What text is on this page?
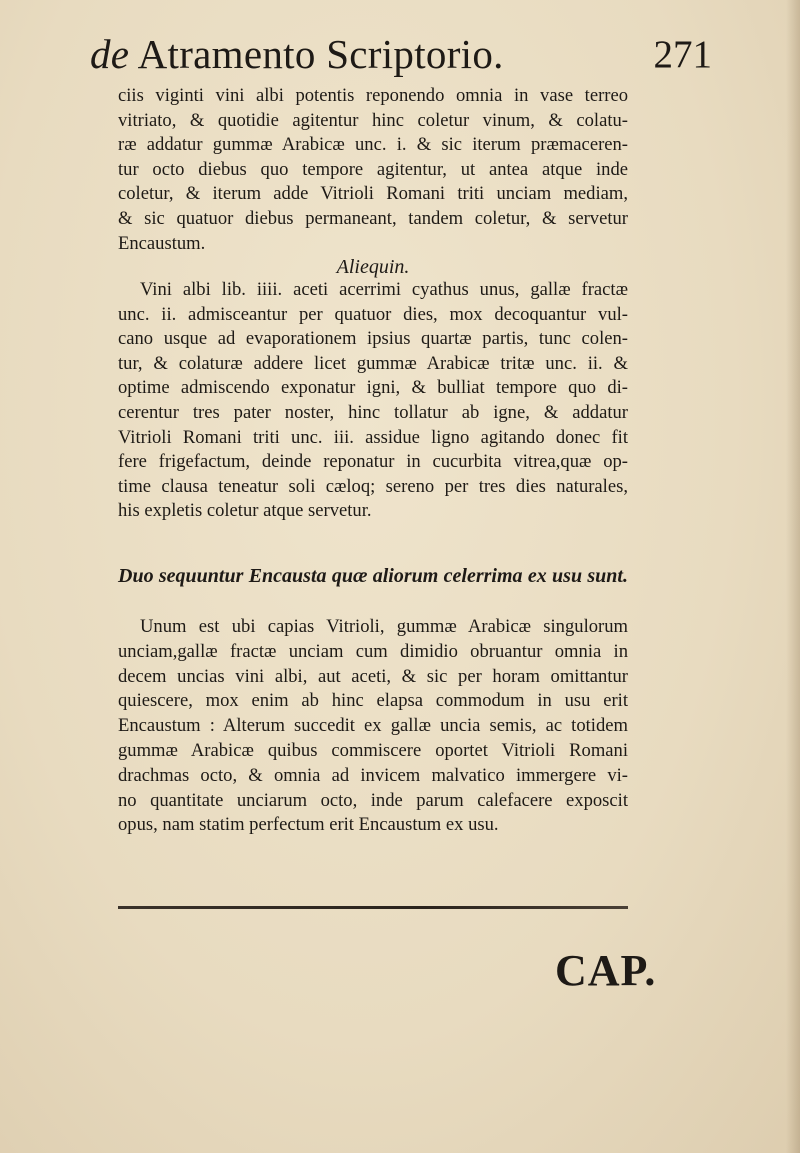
de Atramento Scriptorio.	271
ciis viginti vini albi potentis reponendo omnia in vase terreo
vitriato, & quotidie agitentur hinc coletur vinum, & colatu-
ræ addatur gummæ Arabicæ unc. i. & sic iterum præmaceren-
tur octo diebus quo tempore agitentur, ut antea atque inde
coletur, & iterum adde Vitrioli Romani triti unciam mediam,
& sic quatuor diebus permaneant, tandem coletur, & servetur
Encaustum.
Aliequin.
Vini albi lib. iiii. aceti acerrimi cyathus unus, gallæ fractæ
unc. ii. admisceantur per quatuor dies, mox decoquantur vul-
cano usque ad evaporationem ipsius quartæ partis, tunc colen-
tur, & colaturæ addere licet gummæ Arabicæ tritæ unc. ii. &
optime admiscendo exponatur igni, & bulliat tempore quo di-
cerentur tres pater noster, hinc tollatur ab igne, & addatur
Vitrioli Romani triti unc. iii. assidue ligno agitando donec fit
fere frigefactum, deinde reponatur in cucurbita vitrea,quæ op-
time clausa teneatur soli cæloq; sereno per tres dies naturales,
his expletis coletur atque servetur.
Duo sequuntur Encausta quæ aliorum celerrima ex usu sunt.
Unum est ubi capias Vitrioli, gummæ Arabicæ singulorum
unciam,gallæ fractæ unciam cum dimidio obruantur omnia in
decem uncias vini albi, aut aceti, & sic per horam omittantur
quiescere, mox enim ab hinc elapsa commodum in usu erit
Encaustum : Alterum succedit ex gallæ uncia semis, ac totidem
gummæ Arabicæ quibus commiscere oportet Vitrioli Romani
drachmas octo, & omnia ad invicem malvatico immergere vi-
no quantitate unciarum octo, inde parum calefacere exposcit
opus, nam statim perfectum erit Encaustum ex usu.
CAP.
